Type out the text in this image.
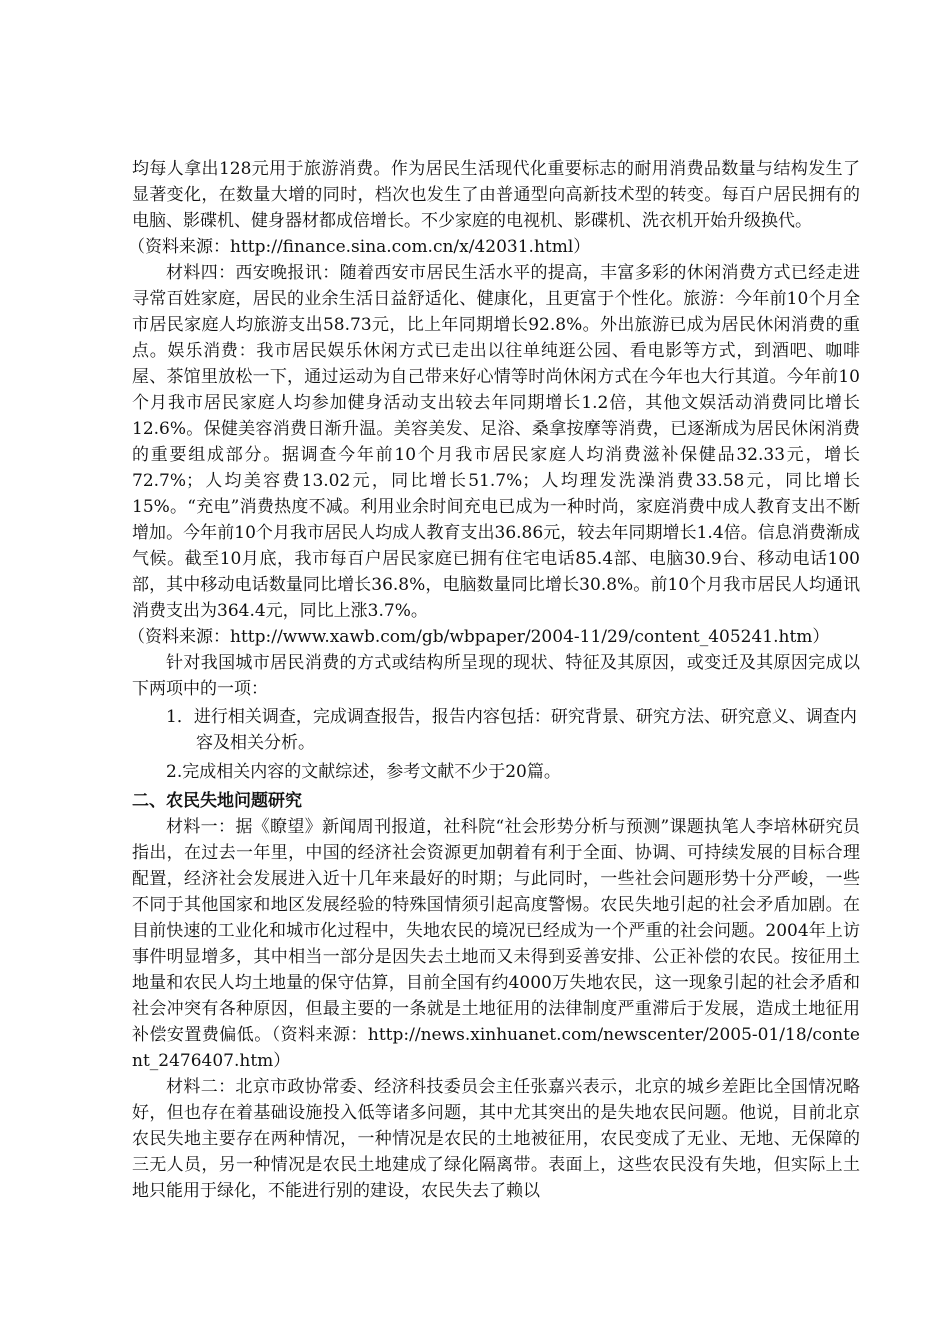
均每人拿出128元用于旅游消费。作为居民生活现代化重要标志的耐用消费品数量与结构发生了显著变化，在数量大增的同时，档次也发生了由普通型向高新技术型的转变。每百户居民拥有的电脑、影碟机、健身器材都成倍增长。不少家庭的电视机、影碟机、洗衣机开始升级换代。

（资料来源：http://finance.sina.com.cn/x/42031.html）

材料四：西安晚报讯：随着西安市居民生活水平的提高，丰富多彩的休闲消费方式已经走进寻常百姓家庭，居民的业余生活日益舒适化、健康化，且更富于个性化。旅游：今年前10个月全市居民家庭人均旅游支出58.73元，比上年同期增长92.8%。外出旅游已成为居民休闲消费的重点。娱乐消费：我市居民娱乐休闲方式已走出以往单纯逛公园、看电影等方式，到酒吧、咖啡屋、茶馆里放松一下，通过运动为自己带来好心情等时尚休闲方式在今年也大行其道。今年前10个月我市居民家庭人均参加健身活动支出较去年同期增长1.2倍，其他文娱活动消费同比增长12.6%。保健美容消费日渐升温。美容美发、足浴、桑拿按摩等消费，已逐渐成为居民休闲消费的重要组成部分。据调查今年前10个月我市居民家庭人均消费滋补保健品32.33元，增长72.7%；人均美容费13.02元，同比增长51.7%；人均理发洗澡消费33.58元，同比增长15%。“充电”消费热度不减。利用业余时间充电已成为一种时尚，家庭消费中成人教育支出不断增加。今年前10个月我市居民人均成人教育支出36.86元，较去年同期增长1.4倍。信息消费渐成气候。截至10月底，我市每百户居民家庭已拥有住宅电话85.4部、电脑30.9台、移动电话100部，其中移动电话数量同比增长36.8%，电脑数量同比增长30.8%。前10个月我市居民人均通讯消费支出为364.4元，同比上涨3.7%。

（资料来源：http://www.xawb.com/gb/wbpaper/2004-11/29/content_405241.htm）

针对我国城市居民消费的方式或结构所呈现的现状、特征及其原因，或变迁及其原因完成以下两项中的一项：

1．进行相关调查，完成调查报告，报告内容包括：研究背景、研究方法、研究意义、调查内容及相关分析。
2.完成相关内容的文献综述，参考文献不少于20篇。

二、农民失地问题研究

材料一：据《瞭望》新闻周刊报道，社科院“社会形势分析与预测”课题执笔人李培林研究员指出，在过去一年里，中国的经济社会资源更加朝着有利于全面、协调、可持续发展的目标合理配置，经济社会发展进入近十几年来最好的时期；与此同时，一些社会问题形势十分严峻，一些不同于其他国家和地区发展经验的特殊国情须引起高度警惕。农民失地引起的社会矛盾加剧。在目前快速的工业化和城市化过程中，失地农民的境况已经成为一个严重的社会问题。2004年上访事件明显增多，其中相当一部分是因失去土地而又未得到妥善安排、公正补偿的农民。按征用土地量和农民人均土地量的保守估算，目前全国有约4000万失地农民，这一现象引起的社会矛盾和社会冲突有各种原因，但最主要的一条就是土地征用的法律制度严重滞后于发展，造成土地征用补偿安置费偏低。（资料来源：http://news.xinhuanet.com/newscenter/2005-01/18/content_2476407.htm）

材料二：北京市政协常委、经济科技委员会主任张嘉兴表示，北京的城乡差距比全国情况略好，但也存在着基础设施投入低等诸多问题，其中尤其突出的是失地农民问题。他说，目前北京农民失地主要存在两种情况，一种情况是农民的土地被征用，农民变成了无业、无地、无保障的三无人员，另一种情况是农民土地建成了绿化隔离带。表面上，这些农民没有失地，但实际上土地只能用于绿化，不能进行别的建设，农民失去了赖以
